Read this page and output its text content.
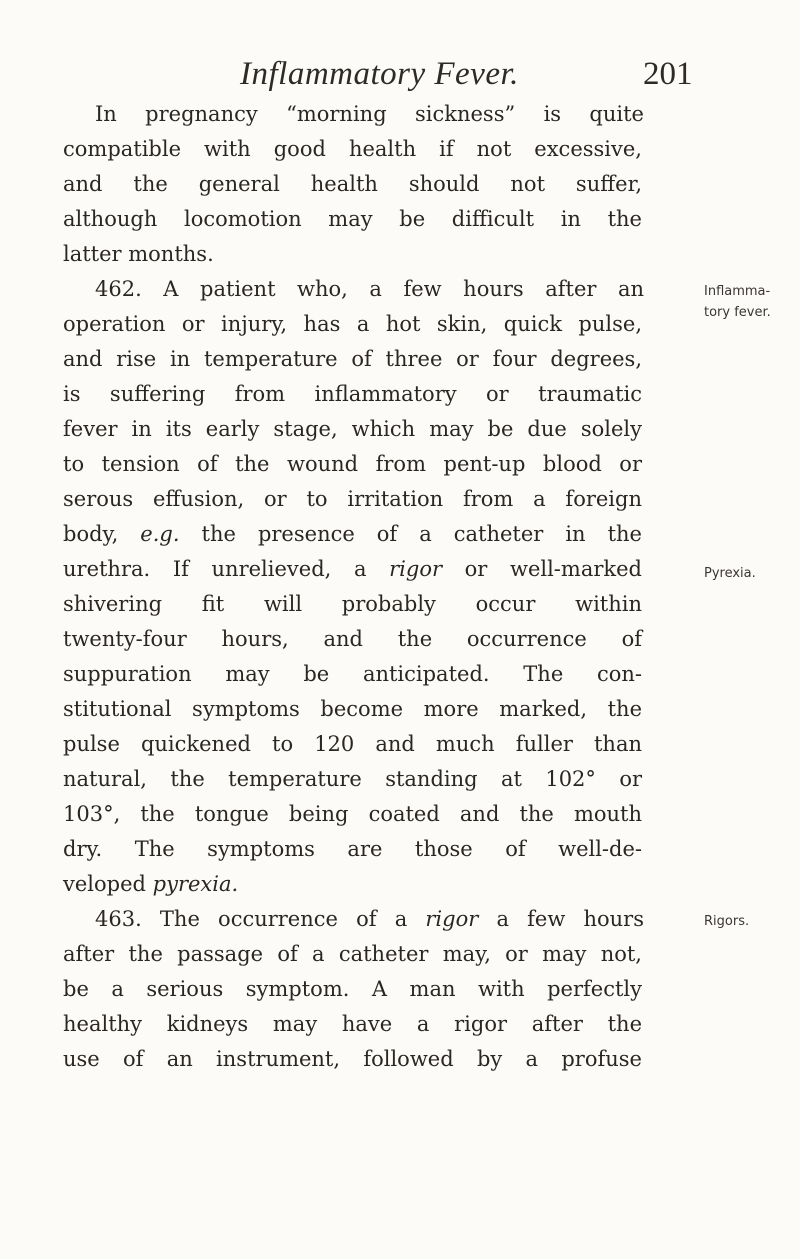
Inflammatory Fever.	201
In pregnancy “morning sickness” is quite
compatible with good health if not excessive,
and the general health should not suffer,
although locomotion may be difficult in the
latter months.
462. A patient who, a few hours after an	Inflamma-
operation or injury, has a hot skin, quick pulse,	tory fever.
and rise in temperature of three or four degrees,
is suffering from inflammatory or traumatic
fever in its early stage, which may be due solely
to tension of the wound from pent-up blood or
serous effusion, or to irritation from a foreign
body, e.g. the presence of a catheter in the
urethra. If unrelieved, a rigor or well-marked	Pyrexia.
shivering fit will probably occur within
twenty-four hours, and the occurrence of
suppuration may be anticipated. The con-
stitutional symptoms become more marked, the
pulse quickened to 120 and much fuller than
natural, the temperature standing at 102° or
103°, the tongue being coated and the mouth
dry. The symptoms are those of well-de-
veloped pyrexia.
463. The occurrence of a rigor a few hours	Rigors.
after the passage of a catheter may, or may not,
be a serious symptom. A man with perfectly
healthy kidneys may have a rigor after the
use of an instrument, followed by a profuse
